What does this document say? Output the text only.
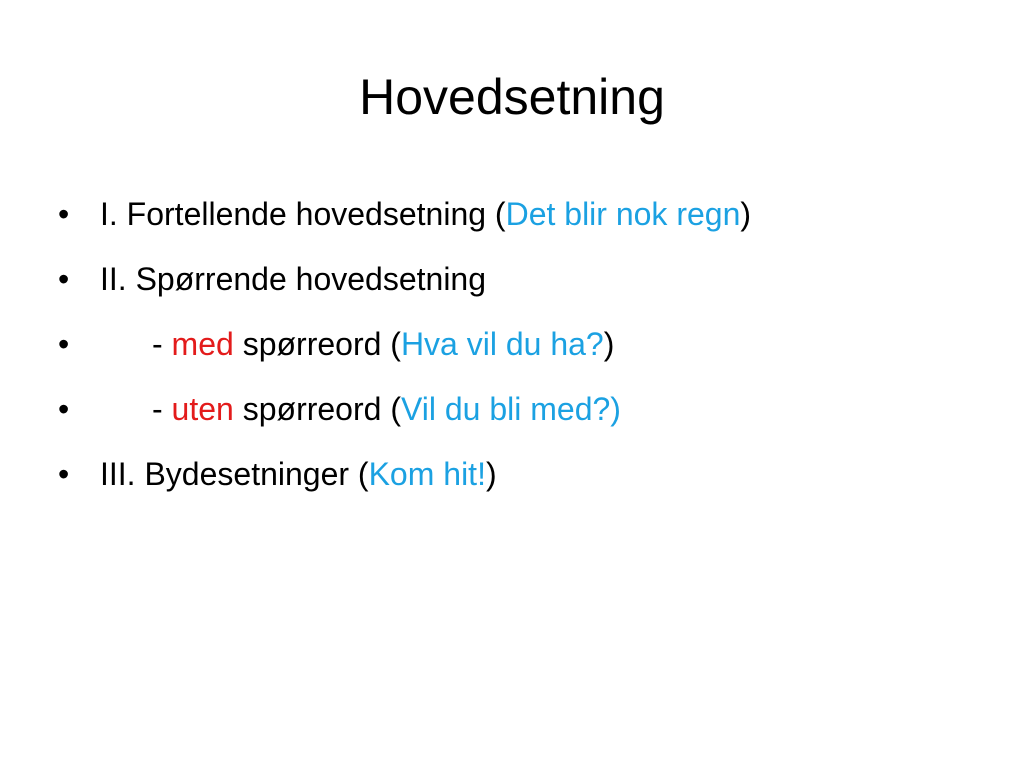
Hovedsetning
• I. Fortellende hovedsetning (Det blir nok regn)
• II. Spørrende hovedsetning
•	- med spørreord (Hva vil du ha?)
•	- uten spørreord (Vil du bli med?)
• III. Bydesetninger (Kom hit!)
